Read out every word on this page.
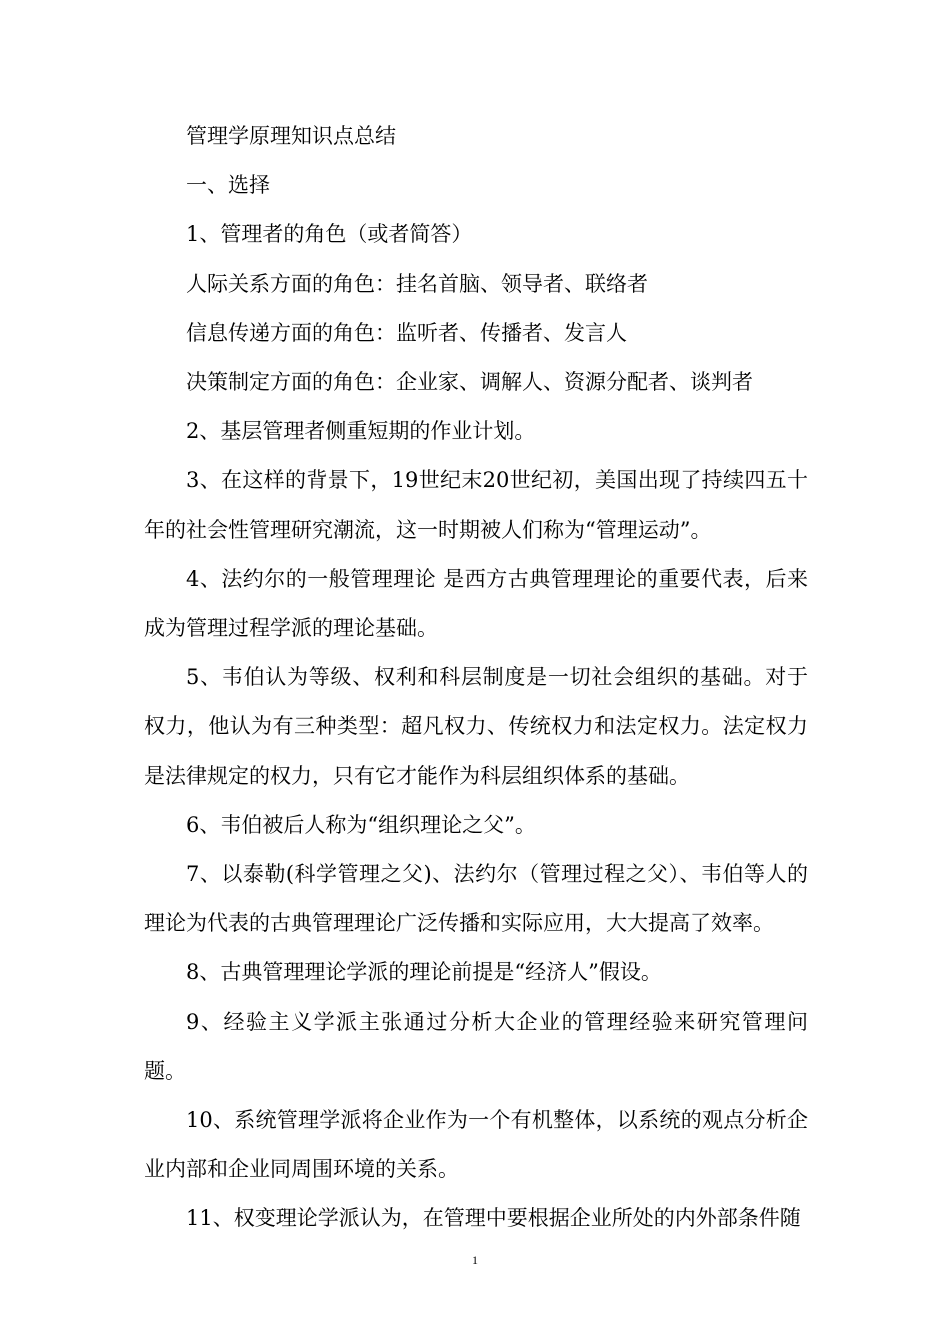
管理学原理知识点总结

一、选择

1、管理者的角色（或者简答）

人际关系方面的角色：挂名首脑、领导者、联络者

信息传递方面的角色：监听者、传播者、发言人

决策制定方面的角色：企业家、调解人、资源分配者、谈判者

2、基层管理者侧重短期的作业计划。

3、在这样的背景下，19世纪末20世纪初，美国出现了持续四五十年的社会性管理研究潮流，这一时期被人们称为“管理运动”。

4、法约尔的一般管理理论 是西方古典管理理论的重要代表，后来成为管理过程学派的理论基础。

5、韦伯认为等级、权利和科层制度是一切社会组织的基础。对于权力，他认为有三种类型：超凡权力、传统权力和法定权力。法定权力是法律规定的权力，只有它才能作为科层组织体系的基础。

6、韦伯被后人称为“组织理论之父”。

7、以泰勒(科学管理之父)、法约尔（管理过程之父）、韦伯等人的理论为代表的古典管理理论广泛传播和实际应用，大大提高了效率。

8、古典管理理论学派的理论前提是“经济人”假设。

9、经验主义学派主张通过分析大企业的管理经验来研究管理问题。

10、系统管理学派将企业作为一个有机整体，以系统的观点分析企业内部和企业同周围环境的关系。

11、权变理论学派认为，在管理中要根据企业所处的内外部条件随

1
